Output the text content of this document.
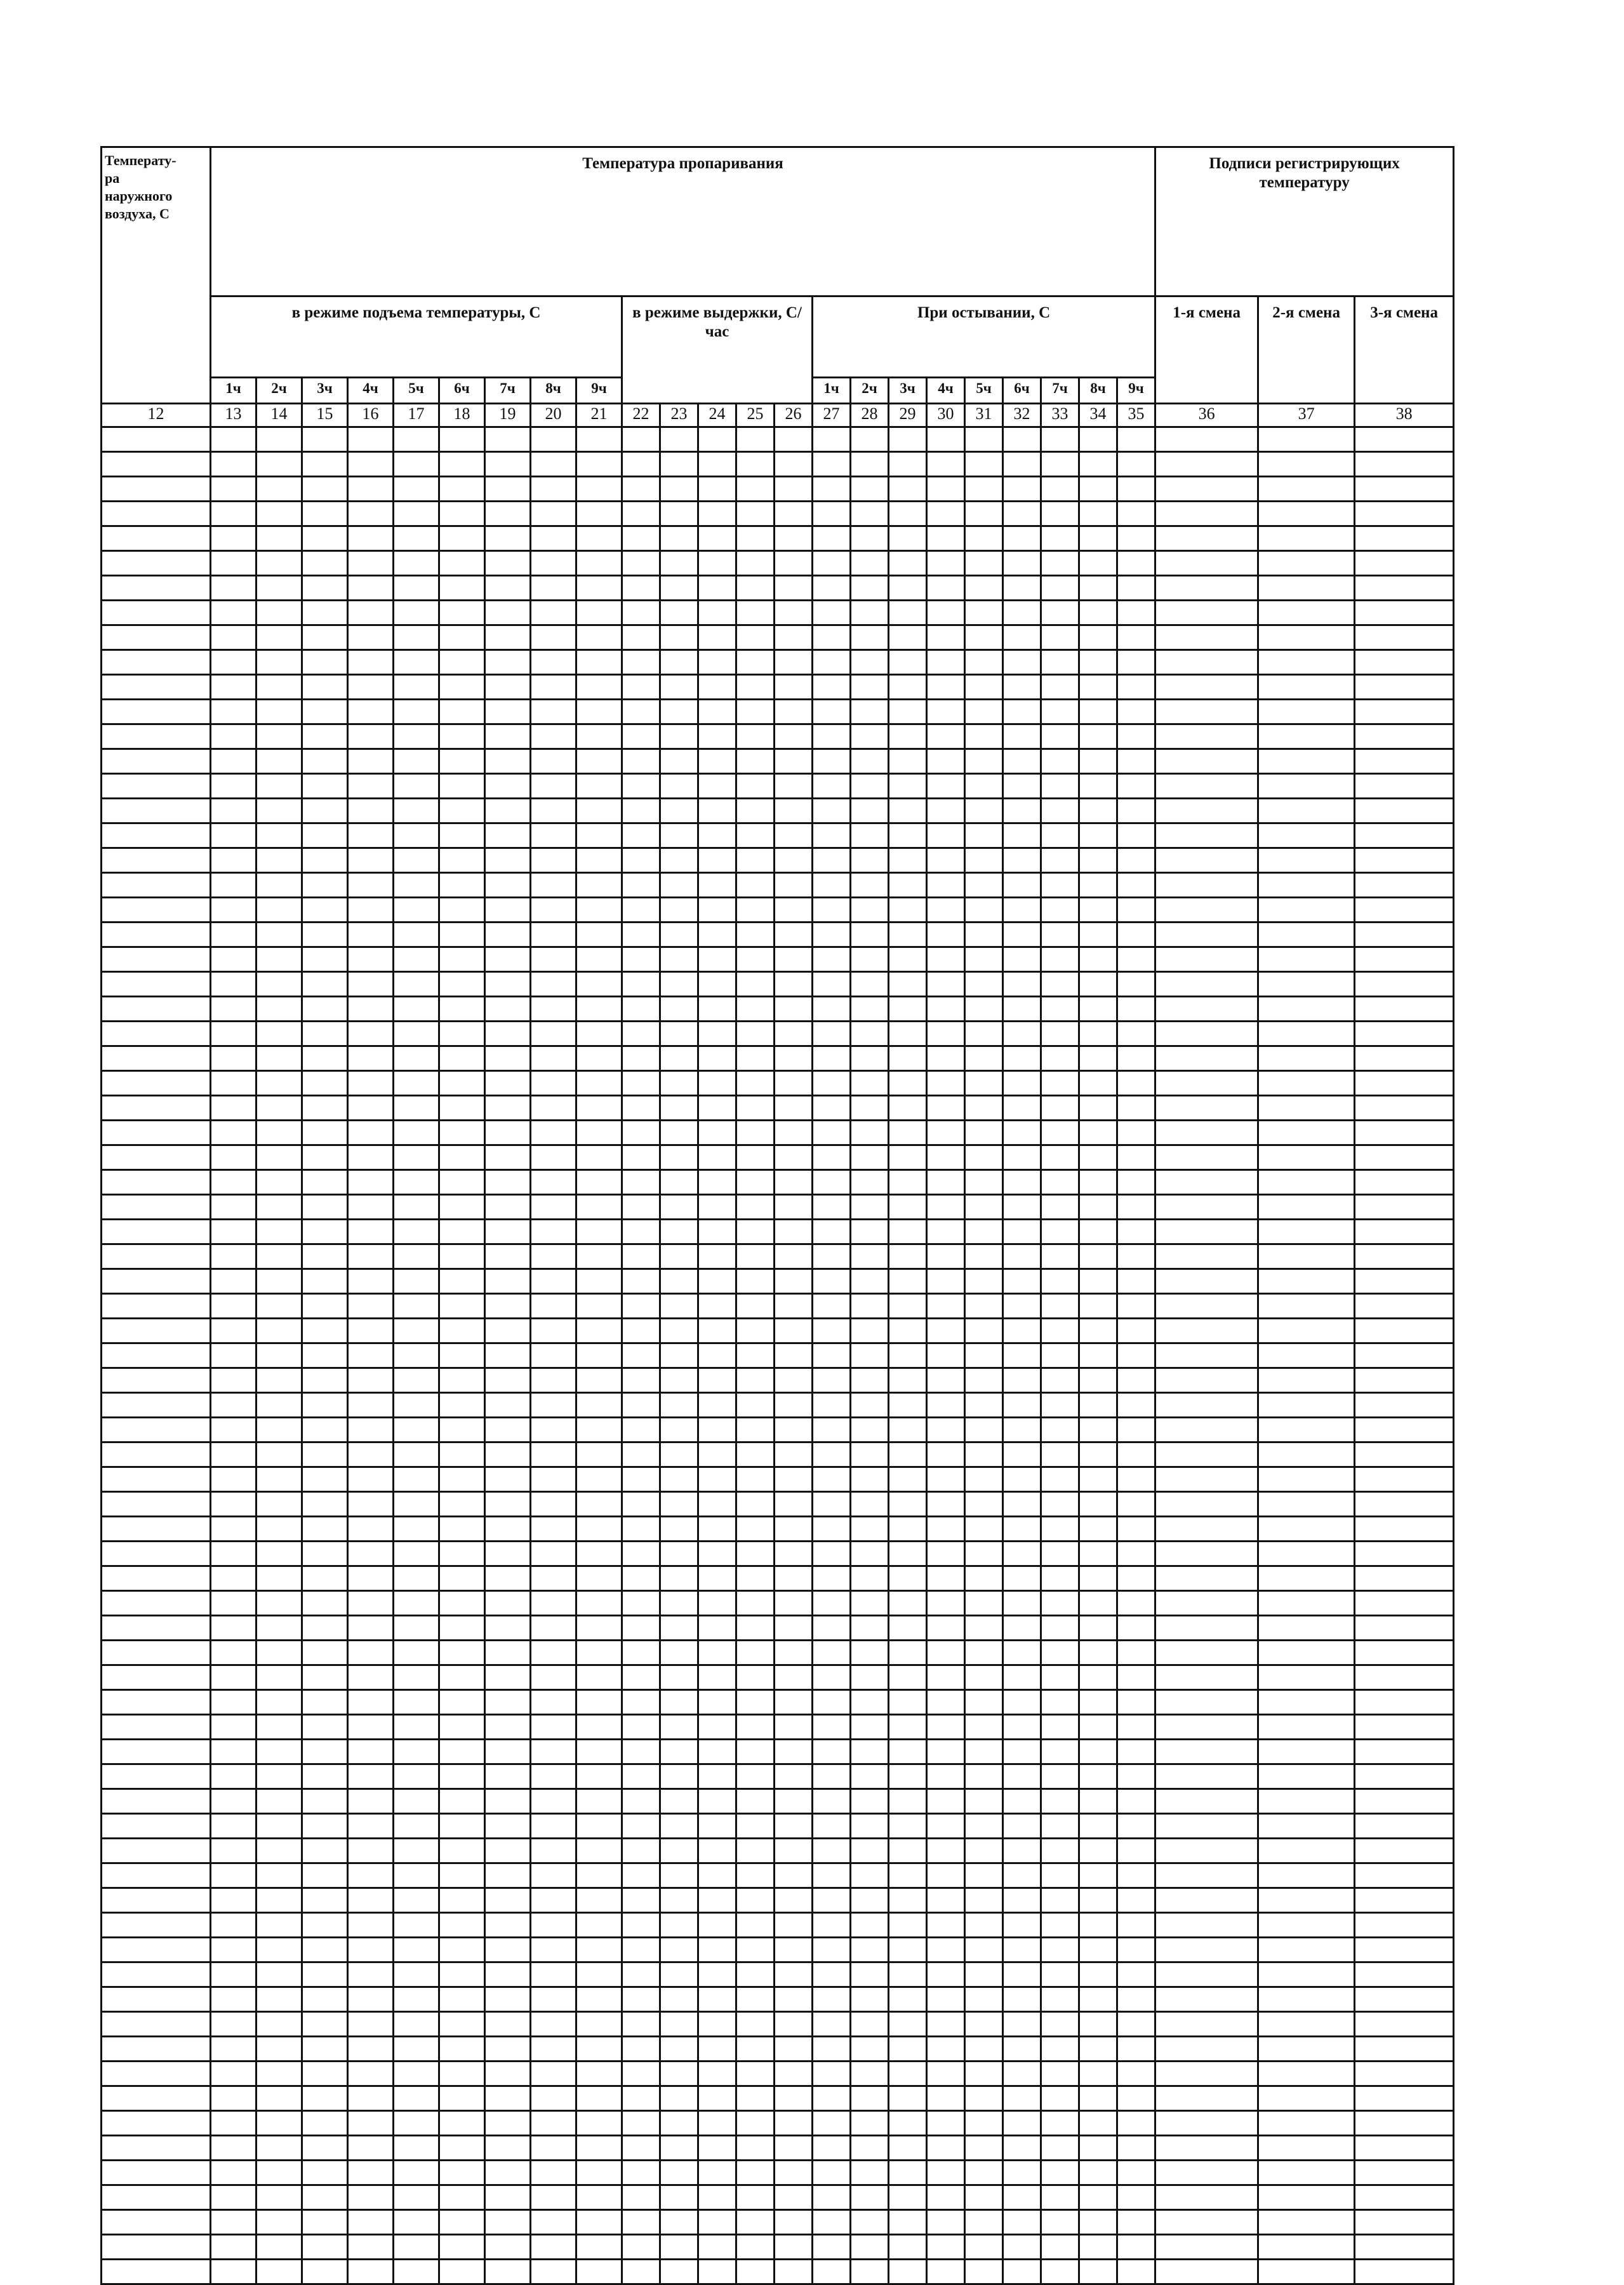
Температу-
ра
наружного
воздуха, С	Температура пропаривания																							Подписи регистрирующих температуру		

	в режиме подъема температуры, С									в режиме выдержки, С/час					При остывании, С									1-я смена	2-я смена	3-я смена

	1ч	2ч	3ч	4ч	5ч	6ч	7ч	8ч	9ч						1ч	2ч	3ч	4ч	5ч	6ч	7ч	8ч	9ч			
12	13	14	15	16	17	18	19	20	21	22	23	24	25	26	27	28	29	30	31	32	33	34	35	36	37	38
